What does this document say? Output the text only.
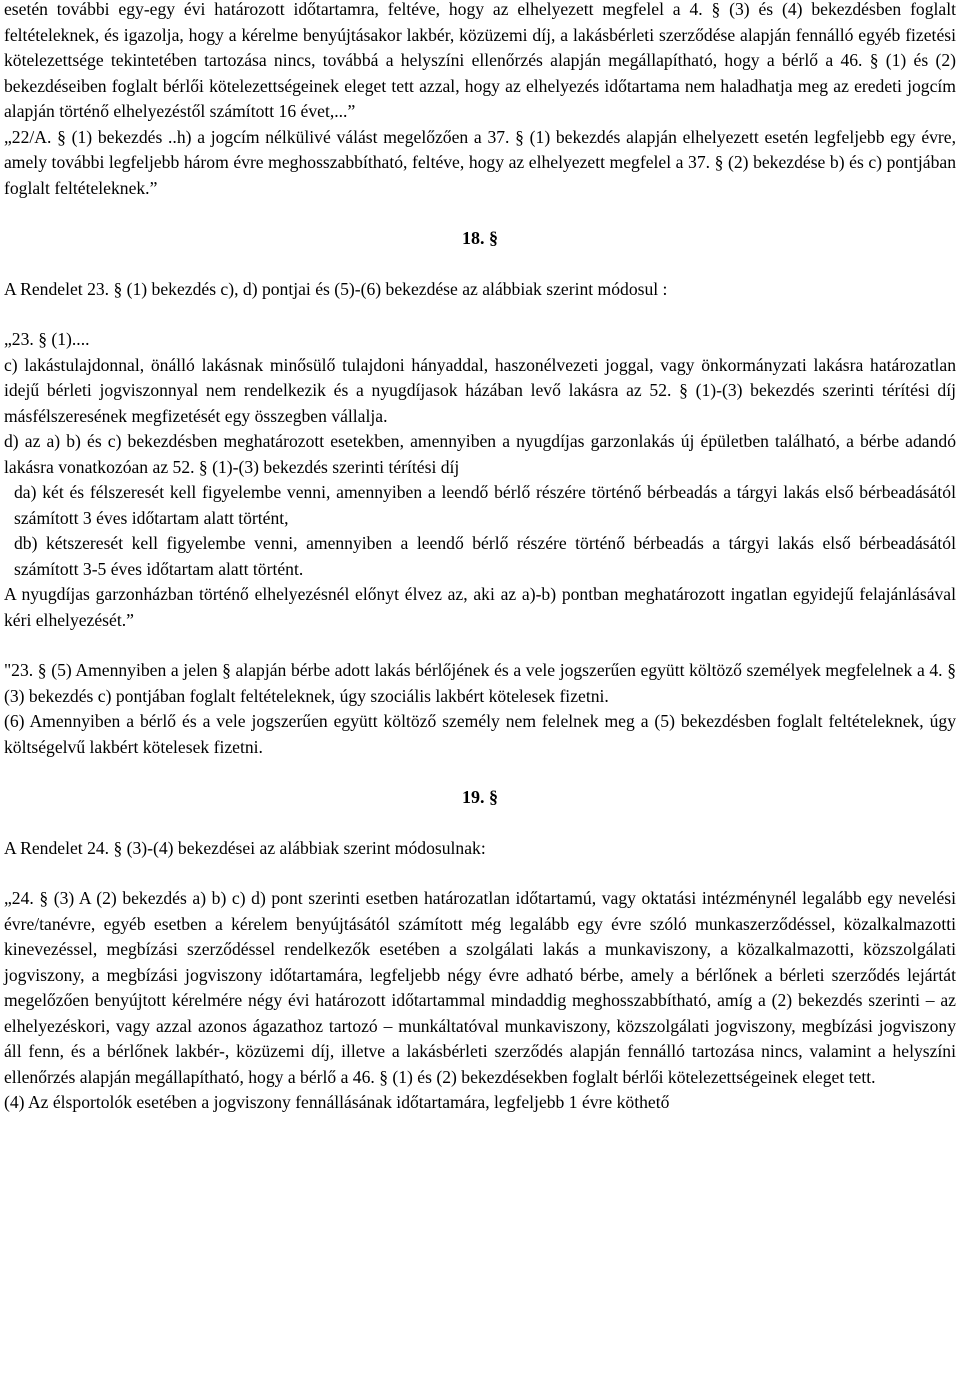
esetén további egy-egy évi határozott időtartamra, feltéve, hogy az elhelyezett megfelel a 4. § (3) és (4) bekezdésben foglalt feltételeknek, és igazolja, hogy a kérelme benyújtásakor lakbér, közüzemi díj, a lakásbérleti szerződése alapján fennálló egyéb fizetési kötelezettsége tekintetében tartozása nincs, továbbá a helyszíni ellenőrzés alapján megállapítható, hogy a bérlő a 46. § (1) és (2) bekezdéseiben foglalt bérlői kötelezettségeinek eleget tett azzal, hogy az elhelyezés időtartama nem haladhatja meg az eredeti jogcím alapján történő elhelyezéstől számított 16 évet,...”

„22/A. § (1) bekezdés ..h) a jogcím nélkülivé válást megelőzően a 37. § (1) bekezdés alapján elhelyezett esetén legfeljebb egy évre, amely további legfeljebb három évre meghosszabbítható, feltéve, hogy az elhelyezett megfelel a 37. § (2) bekezdése b) és c) pontjában foglalt feltételeknek.”

18. §

A Rendelet 23. § (1) bekezdés c), d) pontjai és (5)-(6) bekezdése az alábbiak szerint módosul :

„23. § (1)....

c) lakástulajdonnal, önálló lakásnak minősülő tulajdoni hányaddal, haszonélvezeti joggal, vagy önkormányzati lakásra határozatlan idejű bérleti jogviszonnyal nem rendelkezik és a nyugdíjasok házában levő lakásra az 52. § (1)-(3) bekezdés szerinti térítési díj másfélszeresének megfizetését egy összegben vállalja.

d) az a) b) és c) bekezdésben meghatározott esetekben, amennyiben a nyugdíjas garzonlakás új épületben található, a bérbe adandó lakásra vonatkozóan az 52. § (1)-(3) bekezdés szerinti térítési díj

da) két és félszeresét kell figyelembe venni, amennyiben a leendő bérlő részére történő bérbeadás a tárgyi lakás első bérbeadásától számított 3 éves időtartam alatt történt,

db) kétszeresét kell figyelembe venni, amennyiben a leendő bérlő részére történő bérbeadás a tárgyi lakás első bérbeadásától számított 3-5 éves időtartam alatt történt.

A nyugdíjas garzonházban történő elhelyezésnél előnyt élvez az, aki az a)-b) pontban meghatározott ingatlan egyidejű felajánlásával kéri elhelyezését.”

"23. § (5) Amennyiben a jelen § alapján bérbe adott lakás bérlőjének és a vele jogszerűen együtt költöző személyek megfelelnek a 4. § (3) bekezdés c) pontjában foglalt feltételeknek, úgy szociális lakbért kötelesek fizetni.

(6) Amennyiben a bérlő és a vele jogszerűen együtt költöző személy nem felelnek meg a (5) bekezdésben foglalt feltételeknek, úgy költségelvű lakbért kötelesek fizetni.

19. §

A Rendelet 24. § (3)-(4) bekezdései az alábbiak szerint módosulnak:

„24. § (3) A (2) bekezdés a) b) c) d) pont szerinti esetben határozatlan időtartamú, vagy oktatási intézménynél legalább egy nevelési évre/tanévre, egyéb esetben a kérelem benyújtásától számított még legalább egy évre szóló munkaszerződéssel, közalkalmazotti kinevezéssel, megbízási szerződéssel rendelkezők esetében a szolgálati lakás a munkaviszony, a közalkalmazotti, közszolgálati jogviszony, a megbízási jogviszony időtartamára, legfeljebb négy évre adható bérbe, amely a bérlőnek a bérleti szerződés lejártát megelőzően benyújtott kérelmére négy évi határozott időtartammal mindaddig meghosszabbítható, amíg a (2) bekezdés szerinti – az elhelyezéskori, vagy azzal azonos ágazathoz tartozó – munkáltatóval munkaviszony, közszolgálati jogviszony, megbízási jogviszony áll fenn, és a bérlőnek lakbér-, közüzemi díj, illetve a lakásbérleti szerződés alapján fennálló tartozása nincs, valamint a helyszíni ellenőrzés alapján megállapítható, hogy a bérlő a 46. § (1) és (2) bekezdésekben foglalt bérlői kötelezettségeinek eleget tett.

(4) Az élsportolók esetében a jogviszony fennállásának időtartamára, legfeljebb 1 évre köthető
